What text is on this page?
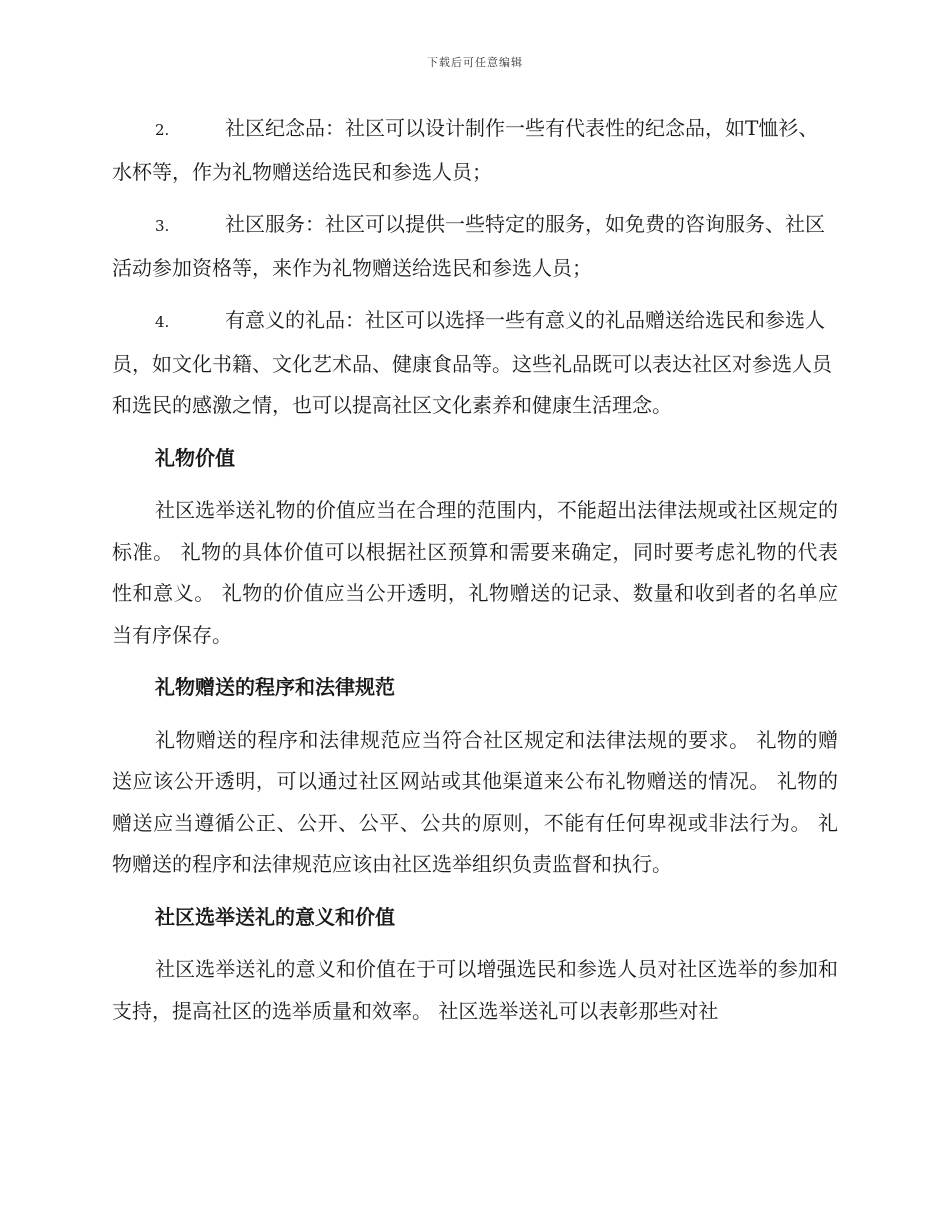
下载后可任意编辑

2.	社区纪念品：社区可以设计制作一些有代表性的纪念品，如T恤衫、水杯等，作为礼物赠送给选民和参选人员；

3.	社区服务：社区可以提供一些特定的服务，如免费的咨询服务、社区活动参加资格等，来作为礼物赠送给选民和参选人员；

4.	有意义的礼品：社区可以选择一些有意义的礼品赠送给选民和参选人员，如文化书籍、文化艺术品、健康食品等。这些礼品既可以表达社区对参选人员和选民的感激之情，也可以提高社区文化素养和健康生活理念。

礼物价值

社区选举送礼物的价值应当在合理的范围内，不能超出法律法规或社区规定的标准。 礼物的具体价值可以根据社区预算和需要来确定，同时要考虑礼物的代表性和意义。 礼物的价值应当公开透明，礼物赠送的记录、数量和收到者的名单应当有序保存。

礼物赠送的程序和法律规范

礼物赠送的程序和法律规范应当符合社区规定和法律法规的要求。 礼物的赠送应该公开透明，可以通过社区网站或其他渠道来公布礼物赠送的情况。 礼物的赠送应当遵循公正、公开、公平、公共的原则，不能有任何卑视或非法行为。 礼物赠送的程序和法律规范应该由社区选举组织负责监督和执行。

社区选举送礼的意义和价值

社区选举送礼的意义和价值在于可以增强选民和参选人员对社区选举的参加和支持，提高社区的选举质量和效率。 社区选举送礼可以表彰那些对社
